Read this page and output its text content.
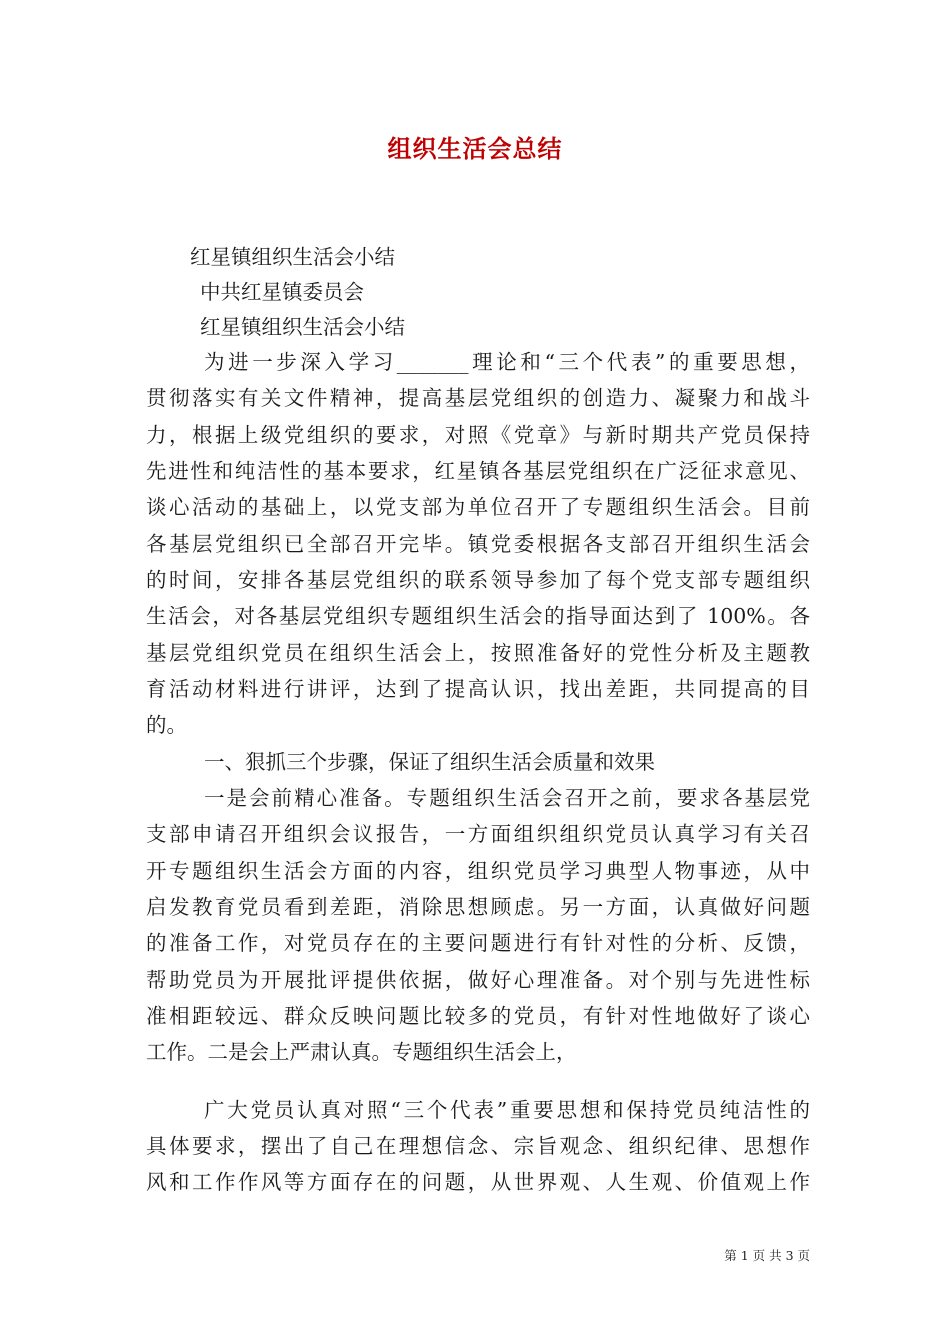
组织生活会总结
红星镇组织生活会小结
中共红星镇委员会
红星镇组织生活会小结
为进一步深入学习_______理论和“三个代表”的重要思想，
贯彻落实有关文件精神，提高基层党组织的创造力、凝聚力和战斗
力，根据上级党组织的要求，对照《党章》与新时期共产党员保持
先进性和纯洁性的基本要求，红星镇各基层党组织在广泛征求意见、
谈心活动的基础上，以党支部为单位召开了专题组织生活会。目前
各基层党组织已全部召开完毕。镇党委根据各支部召开组织生活会
的时间，安排各基层党组织的联系领导参加了每个党支部专题组织
生活会，对各基层党组织专题组织生活会的指导面达到了 100%。各
基层党组织党员在组织生活会上，按照准备好的党性分析及主题教
育活动材料进行讲评，达到了提高认识，找出差距，共同提高的目
的。
一、狠抓三个步骤，保证了组织生活会质量和效果
一是会前精心准备。专题组织生活会召开之前，要求各基层党
支部申请召开组织会议报告，一方面组织组织党员认真学习有关召
开专题组织生活会方面的内容，组织党员学习典型人物事迹，从中
启发教育党员看到差距，消除思想顾虑。另一方面，认真做好问题
的准备工作，对党员存在的主要问题进行有针对性的分析、反馈，
帮助党员为开展批评提供依据，做好心理准备。对个别与先进性标
准相距较远、群众反映问题比较多的党员，有针对性地做好了谈心
工作。二是会上严肃认真。专题组织生活会上，
广大党员认真对照“三个代表”重要思想和保持党员纯洁性的
具体要求，摆出了自己在理想信念、宗旨观念、组织纪律、思想作
风和工作作风等方面存在的问题，从世界观、人生观、价值观上作
第 1 页 共 3 页
